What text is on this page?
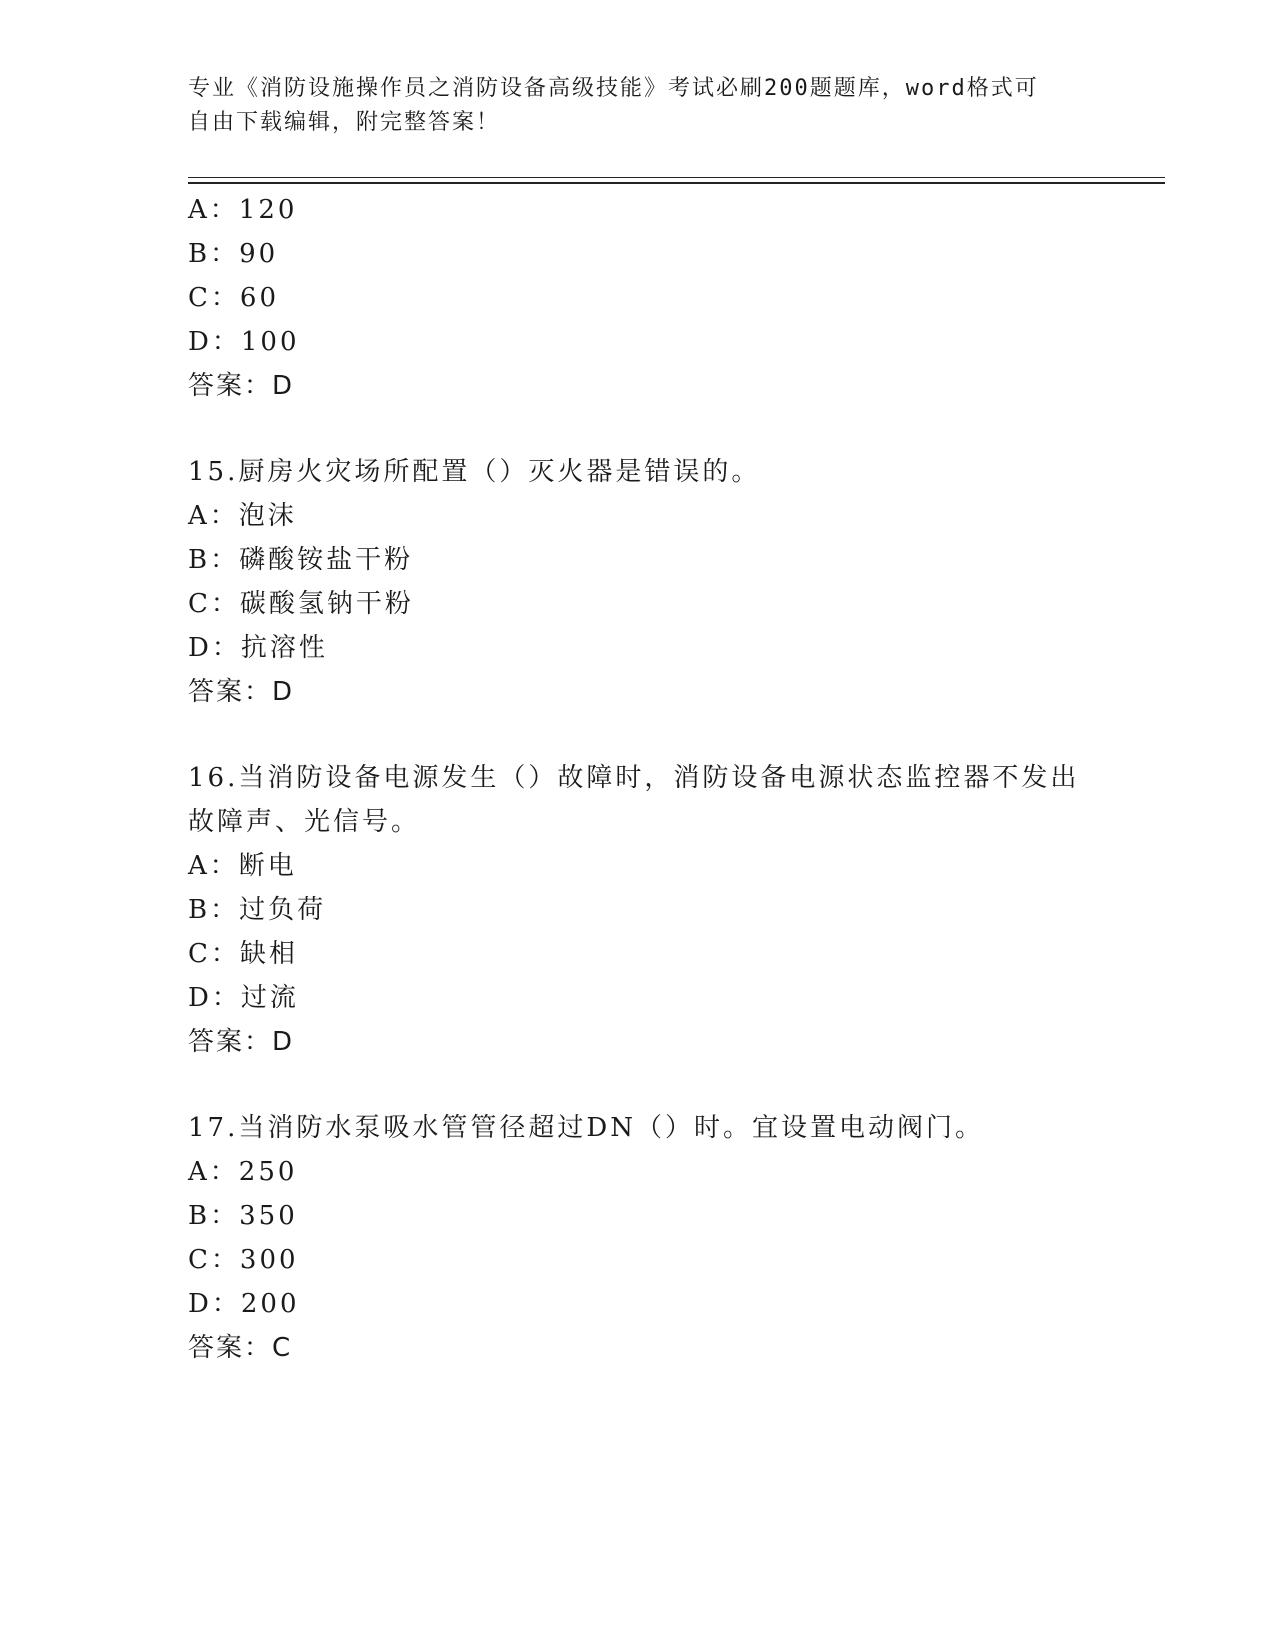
专业《消防设施操作员之消防设备高级技能》考试必刷200题题库，word格式可
自由下载编辑，附完整答案！
A：120
B：90
C：60
D：100
答案：D
15.厨房火灾场所配置（）灭火器是错误的。
A：泡沫
B：磷酸铵盐干粉
C：碳酸氢钠干粉
D：抗溶性
答案：D
16.当消防设备电源发生（）故障时，消防设备电源状态监控器不发出
故障声、光信号。
A：断电
B：过负荷
C：缺相
D：过流
答案：D
17.当消防水泵吸水管管径超过DN（）时。宜设置电动阀门。
A：250
B：350
C：300
D：200
答案：C
